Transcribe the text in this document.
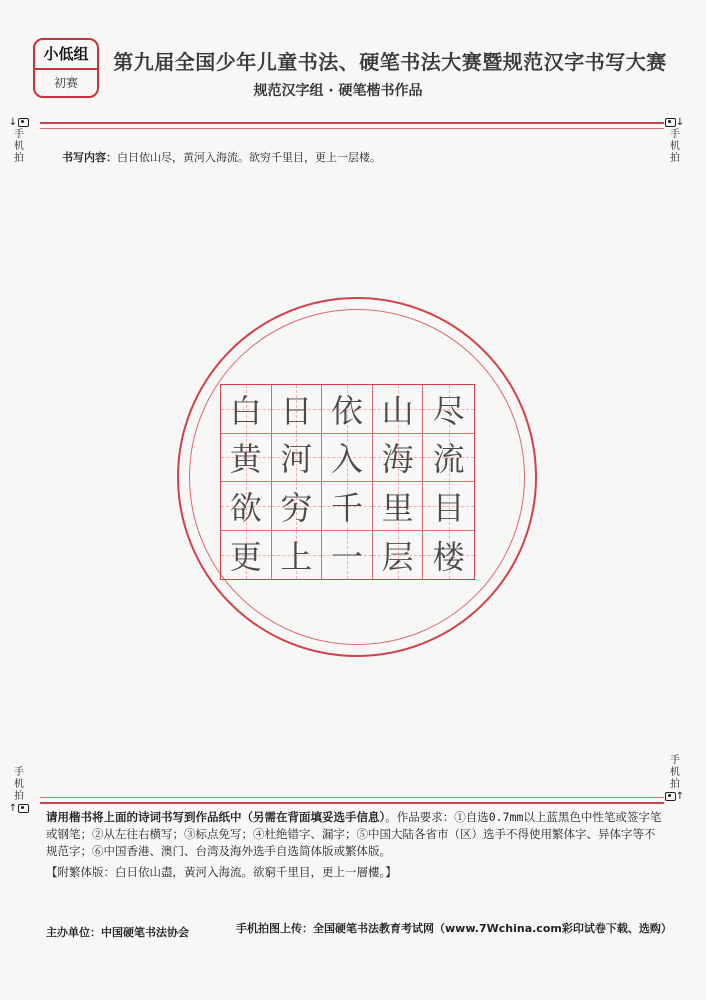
小低组
初赛
第九届全国少年儿童书法、硬笔书法大赛暨规范汉字书写大赛
规范汉字组 · 硬笔楷书作品
↓
手机拍
↓
手机拍
书写内容：白日依山尽，黄河入海流。欲穷千里目，更上一层楼。
白 日 依 山 尽
黄 河 入 海 流
欲 穷 千 里 目
更 上 一 层 楼
手机拍
↑
手机拍
↑
请用楷书将上面的诗词书写到作品纸中（另需在背面填妥选手信息）。作品要求：①自选0.7mm以上蓝黑色中性笔或签字笔或钢笔；②从左往右横写；③标点免写；④杜绝错字、漏字；⑤中国大陆各省市（区）选手不得使用繁体字、异体字等不规范字；⑥中国香港、澳门、台湾及海外选手自选简体版或繁体版。
【附繁体版：白日依山盡，黃河入海流。欲窮千里目，更上一層樓。】
主办单位：中国硬笔书法协会	手机拍图上传：全国硬笔书法教育考试网（www.7Wchina.com彩印试卷下载、选购）
